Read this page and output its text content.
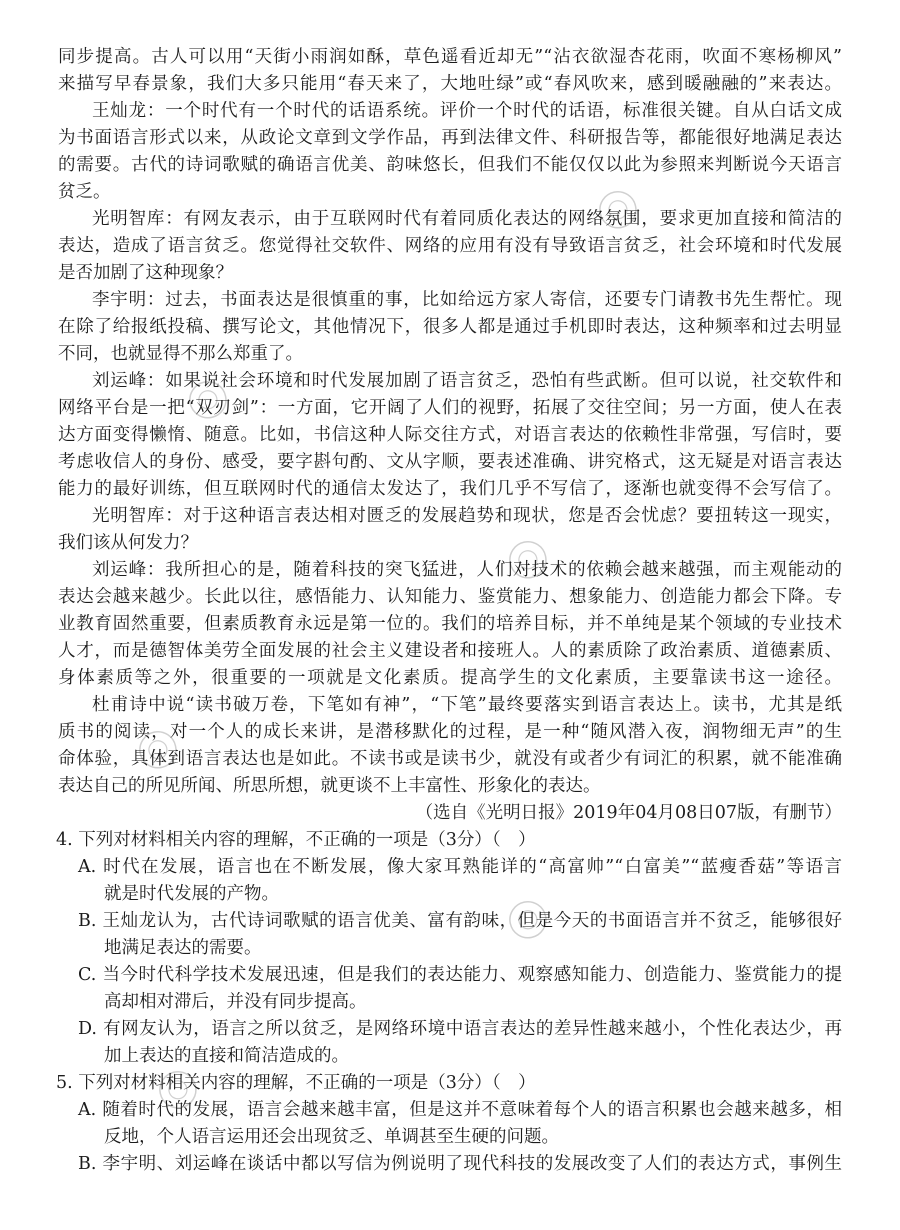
同步提高。古人可以用“天街小雨润如酥，草色遥看近却无”“沾衣欲湿杏花雨，吹面不寒杨柳风”
来描写早春景象，我们大多只能用“春天来了，大地吐绿”或“春风吹来，感到暖融融的”来表达。
王灿龙：一个时代有一个时代的话语系统。评价一个时代的话语，标准很关键。自从白话文成
为书面语言形式以来，从政论文章到文学作品，再到法律文件、科研报告等，都能很好地满足表达
的需要。古代的诗词歌赋的确语言优美、韵味悠长，但我们不能仅仅以此为参照来判断说今天语言
贫乏。
光明智库：有网友表示，由于互联网时代有着同质化表达的网络氛围，要求更加直接和简洁的
表达，造成了语言贫乏。您觉得社交软件、网络的应用有没有导致语言贫乏，社会环境和时代发展
是否加剧了这种现象？
李宇明：过去，书面表达是很慎重的事，比如给远方家人寄信，还要专门请教书先生帮忙。现
在除了给报纸投稿、撰写论文，其他情况下，很多人都是通过手机即时表达，这种频率和过去明显
不同，也就显得不那么郑重了。
刘运峰：如果说社会环境和时代发展加剧了语言贫乏，恐怕有些武断。但可以说，社交软件和
网络平台是一把“双刃剑”：一方面，它开阔了人们的视野，拓展了交往空间；另一方面，使人在表
达方面变得懒惰、随意。比如，书信这种人际交往方式，对语言表达的依赖性非常强，写信时，要
考虑收信人的身份、感受，要字斟句酌、文从字顺，要表述准确、讲究格式，这无疑是对语言表达
能力的最好训练，但互联网时代的通信太发达了，我们几乎不写信了，逐渐也就变得不会写信了。
光明智库：对于这种语言表达相对匮乏的发展趋势和现状，您是否会忧虑？要扭转这一现实，
我们该从何发力？
刘运峰：我所担心的是，随着科技的突飞猛进，人们对技术的依赖会越来越强，而主观能动的
表达会越来越少。长此以往，感悟能力、认知能力、鉴赏能力、想象能力、创造能力都会下降。专
业教育固然重要，但素质教育永远是第一位的。我们的培养目标，并不单纯是某个领域的专业技术
人才，而是德智体美劳全面发展的社会主义建设者和接班人。人的素质除了政治素质、道德素质、
身体素质等之外，很重要的一项就是文化素质。提高学生的文化素质，主要靠读书这一途径。
杜甫诗中说“读书破万卷，下笔如有神”，“下笔”最终要落实到语言表达上。读书，尤其是纸
质书的阅读，对一个人的成长来讲，是潜移默化的过程，是一种“随风潜入夜，润物细无声”的生
命体验，具体到语言表达也是如此。不读书或是读书少，就没有或者少有词汇的积累，就不能准确
表达自己的所见所闻、所思所想，就更谈不上丰富性、形象化的表达。
（选自《光明日报》2019年04月08日07版，有删节）
4. 下列对材料相关内容的理解，不正确的一项是（3分）（　）
A. 时代在发展，语言也在不断发展，像大家耳熟能详的“高富帅”“白富美”“蓝瘦香菇”等语言
就是时代发展的产物。
B. 王灿龙认为，古代诗词歌赋的语言优美、富有韵味，但是今天的书面语言并不贫乏，能够很好
地满足表达的需要。
C. 当今时代科学技术发展迅速，但是我们的表达能力、观察感知能力、创造能力、鉴赏能力的提
高却相对滞后，并没有同步提高。
D. 有网友认为，语言之所以贫乏，是网络环境中语言表达的差异性越来越小，个性化表达少，再
加上表达的直接和简洁造成的。
5. 下列对材料相关内容的理解，不正确的一项是（3分）（　）
A. 随着时代的发展，语言会越来越丰富，但是这并不意味着每个人的语言积累也会越来越多，相
反地，个人语言运用还会出现贫乏、单调甚至生硬的问题。
B. 李宇明、刘运峰在谈话中都以写信为例说明了现代科技的发展改变了人们的表达方式，事例生
